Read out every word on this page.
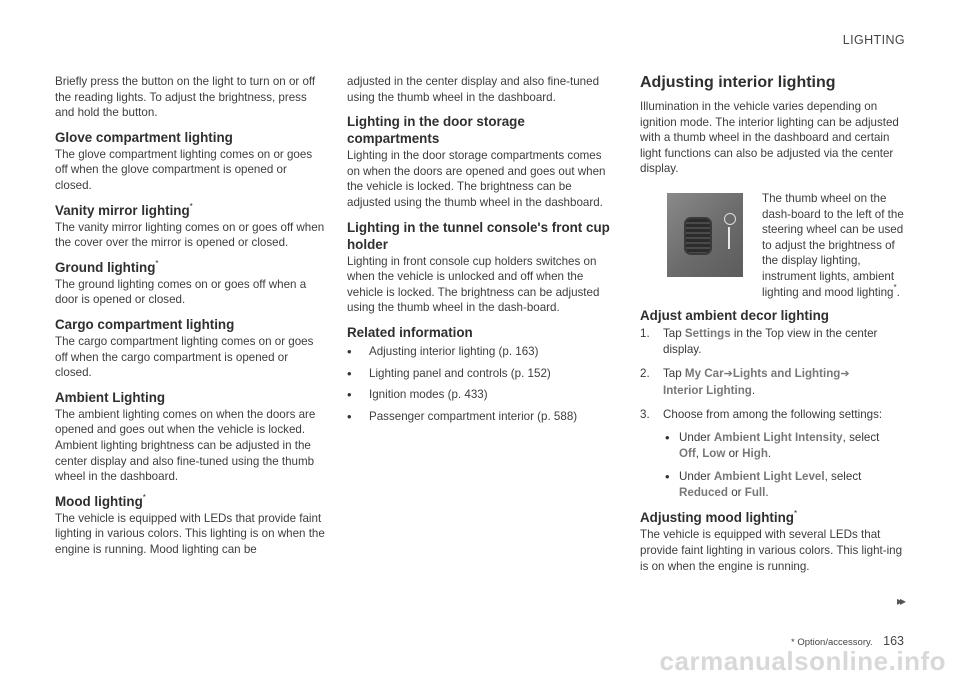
LIGHTING

Briefly press the button on the light to turn on or off the reading lights. To adjust the brightness, press and hold the button.

Glove compartment lighting

The glove compartment lighting comes on or goes off when the glove compartment is opened or closed.

Vanity mirror lighting*

The vanity mirror lighting comes on or goes off when the cover over the mirror is opened or closed.

Ground lighting*

The ground lighting comes on or goes off when a door is opened or closed.

Cargo compartment lighting

The cargo compartment lighting comes on or goes off when the cargo compartment is opened or closed.

Ambient Lighting

The ambient lighting comes on when the doors are opened and goes out when the vehicle is locked. Ambient lighting brightness can be adjusted in the center display and also fine-tuned using the thumb wheel in the dashboard.

Mood lighting*

The vehicle is equipped with LEDs that provide faint lighting in various colors. This lighting is on when the engine is running. Mood lighting can be

adjusted in the center display and also fine-tuned using the thumb wheel in the dashboard.

Lighting in the door storage compartments

Lighting in the door storage compartments comes on when the doors are opened and goes out when the vehicle is locked. The brightness can be adjusted using the thumb wheel in the dashboard.

Lighting in the tunnel console's front cup holder

Lighting in front console cup holders switches on when the vehicle is unlocked and off when the vehicle is locked. The brightness can be adjusted using the thumb wheel in the dash-board.

Related information
• Adjusting interior lighting (p. 163)
• Lighting panel and controls (p. 152)
• Ignition modes (p. 433)
• Passenger compartment interior (p. 588)
Adjusting interior lighting

Illumination in the vehicle varies depending on ignition mode. The interior lighting can be adjusted with a thumb wheel in the dashboard and certain light functions can also be adjusted via the center display.

The thumb wheel on the dash-board to the left of the steering wheel can be used to adjust the brightness of the display lighting, instrument lights, ambient lighting and mood lighting*.
Adjust ambient decor lighting
1. Tap Settings in the Top view in the center display.
2. Tap My Car➔Lights and Lighting➔
Interior Lighting.
3. Choose from among the following settings:
• Under Ambient Light Intensity, select
Off, Low or High.
• Under Ambient Light Level, select
Reduced or Full.
Adjusting mood lighting*

The vehicle is equipped with several LEDs that provide faint lighting in various colors. This light-ing is on when the engine is running.

▸▸
* Option/accessory. 163
carmanualsonline.info
